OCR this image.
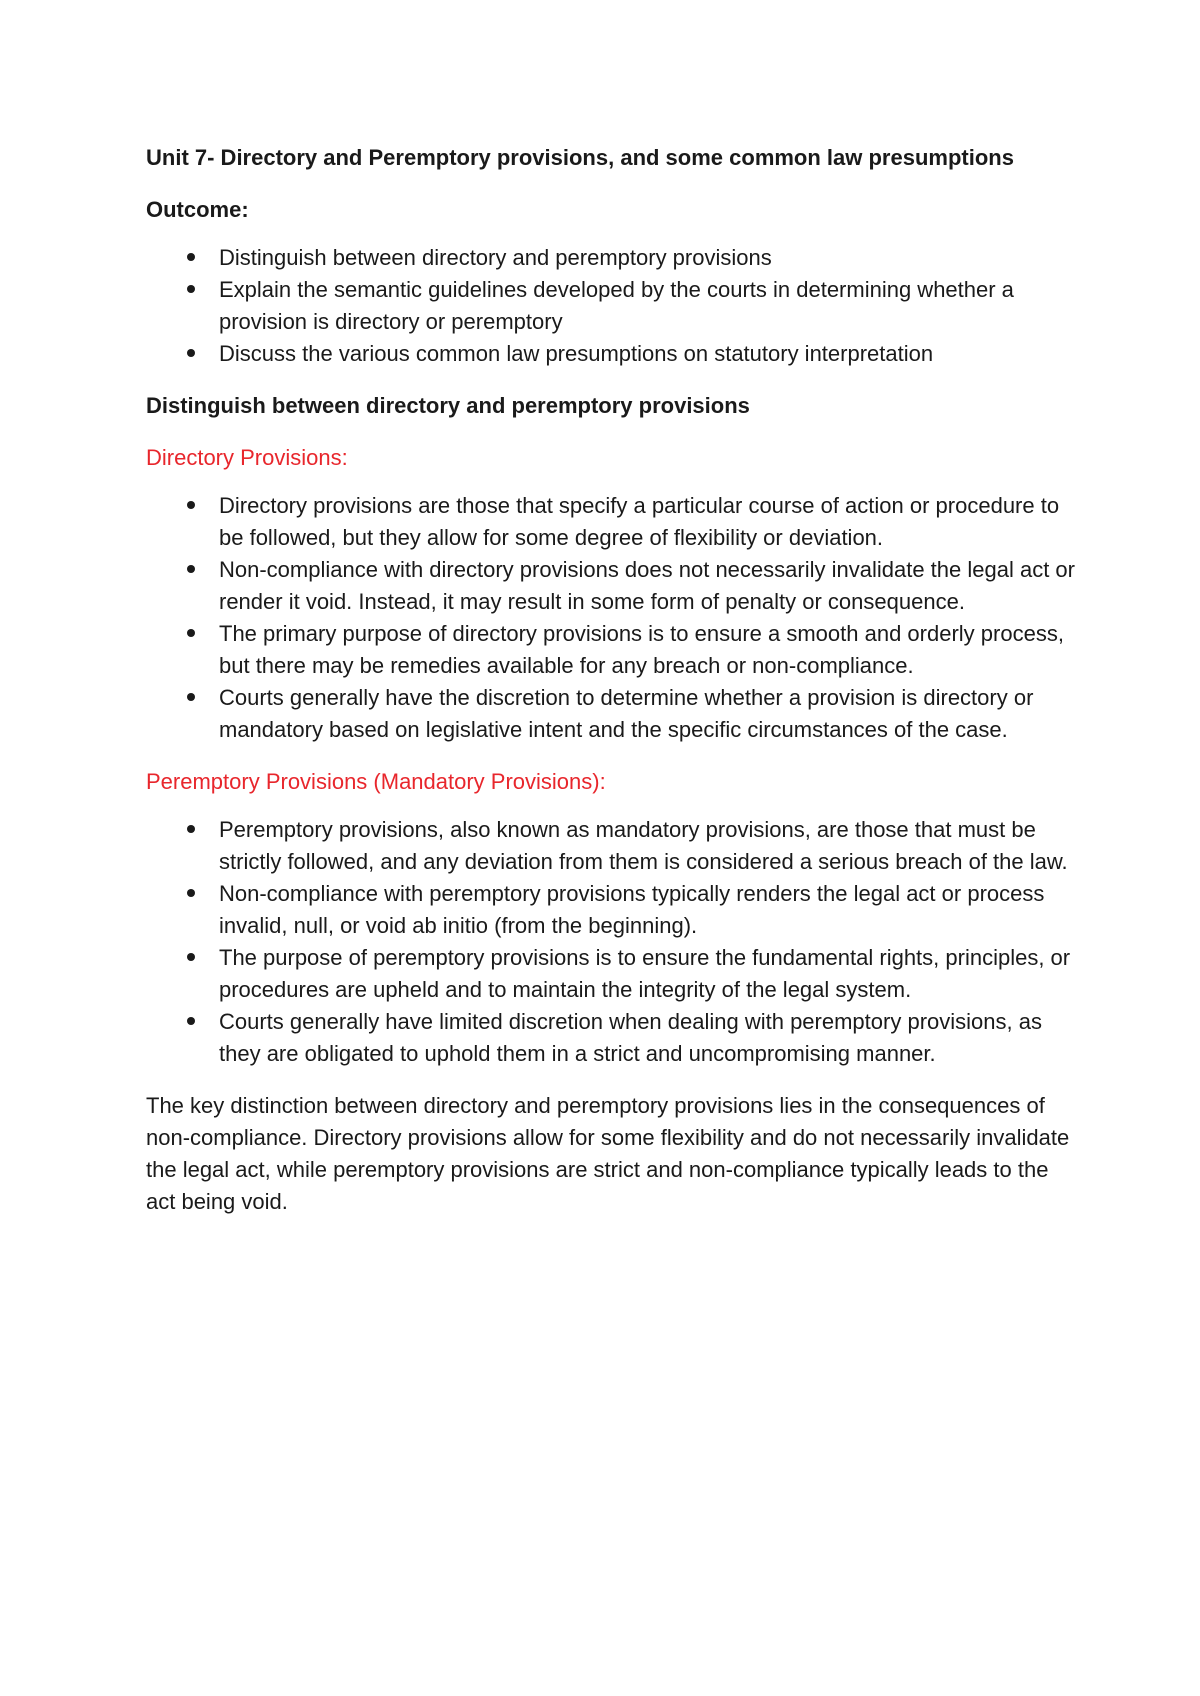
Unit 7- Directory and Peremptory provisions, and some common law presumptions

Outcome:

Distinguish between directory and peremptory provisions
Explain the semantic guidelines developed by the courts in determining whether a provision is directory or peremptory
Discuss the various common law presumptions on statutory interpretation

Distinguish between directory and peremptory provisions

Directory Provisions:

Directory provisions are those that specify a particular course of action or procedure to be followed, but they allow for some degree of flexibility or deviation.
Non-compliance with directory provisions does not necessarily invalidate the legal act or render it void. Instead, it may result in some form of penalty or consequence.
The primary purpose of directory provisions is to ensure a smooth and orderly process, but there may be remedies available for any breach or non-compliance.
Courts generally have the discretion to determine whether a provision is directory or mandatory based on legislative intent and the specific circumstances of the case.

Peremptory Provisions (Mandatory Provisions):

Peremptory provisions, also known as mandatory provisions, are those that must be strictly followed, and any deviation from them is considered a serious breach of the law.
Non-compliance with peremptory provisions typically renders the legal act or process invalid, null, or void ab initio (from the beginning).
The purpose of peremptory provisions is to ensure the fundamental rights, principles, or procedures are upheld and to maintain the integrity of the legal system.
Courts generally have limited discretion when dealing with peremptory provisions, as they are obligated to uphold them in a strict and uncompromising manner.

The key distinction between directory and peremptory provisions lies in the consequences of non-compliance. Directory provisions allow for some flexibility and do not necessarily invalidate the legal act, while peremptory provisions are strict and non-compliance typically leads to the act being void.
